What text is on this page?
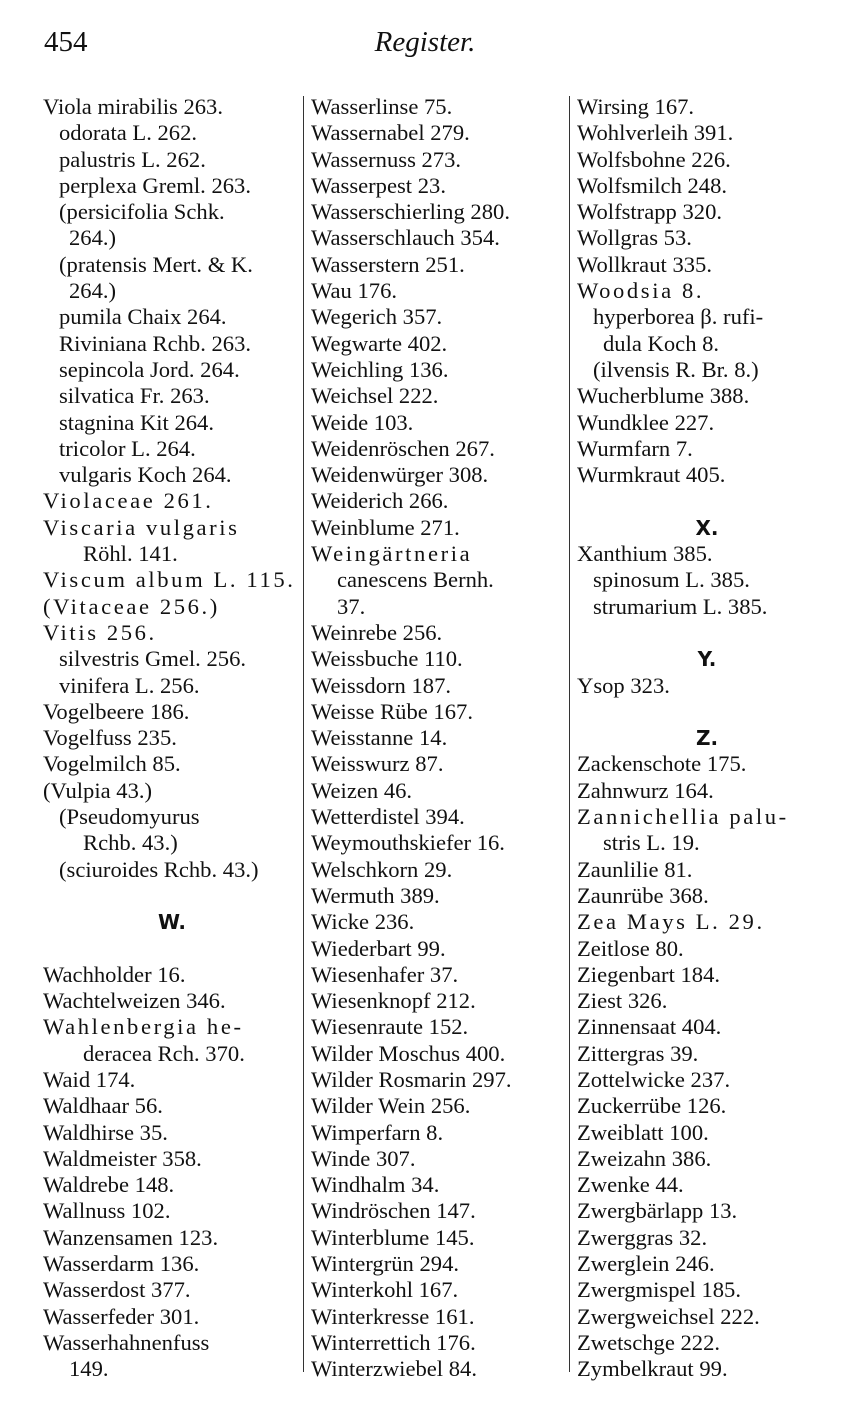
454	Register.
Viola mirabilis 263.
odorata L. 262.
palustris L. 262.
perplexa Greml. 263.
(persicifolia Schk.
264.)
(pratensis Mert. & K.
264.)
pumila Chaix 264.
Riviniana Rchb. 263.
sepincola Jord. 264.
silvatica Fr. 263.
stagnina Kit 264.
tricolor L. 264.
vulgaris Koch 264.
Violaceae 261.
Viscaria vulgaris
Röhl. 141.
Viscum album L. 115.
(Vitaceae 256.)
Vitis 256.
silvestris Gmel. 256.
vinifera L. 256.
Vogelbeere 186.
Vogelfuss 235.
Vogelmilch 85.
(Vulpia 43.)
(Pseudomyurus
Rchb. 43.)
(sciuroides Rchb. 43.)
W.
Wachholder 16.
Wachtelweizen 346.
Wahlenbergia he-
deracea Rch. 370.
Waid 174.
Waldhaar 56.
Waldhirse 35.
Waldmeister 358.
Waldrebe 148.
Wallnuss 102.
Wanzensamen 123.
Wasserdarm 136.
Wasserdost 377.
Wasserfeder 301.
Wasserhahnenfuss
149.
Wasserlinse 75.
Wassernabel 279.
Wassernuss 273.
Wasserpest 23.
Wasserschierling 280.
Wasserschlauch 354.
Wasserstern 251.
Wau 176.
Wegerich 357.
Wegwarte 402.
Weichling 136.
Weichsel 222.
Weide 103.
Weidenröschen 267.
Weidenwürger 308.
Weiderich 266.
Weinblume 271.
Weingärtneria
canescens Bernh.
37.
Weinrebe 256.
Weissbuche 110.
Weissdorn 187.
Weisse Rübe 167.
Weisstanne 14.
Weisswurz 87.
Weizen 46.
Wetterdistel 394.
Weymouthskiefer 16.
Welschkorn 29.
Wermuth 389.
Wicke 236.
Wiederbart 99.
Wiesenhafer 37.
Wiesenknopf 212.
Wiesenraute 152.
Wilder Moschus 400.
Wilder Rosmarin 297.
Wilder Wein 256.
Wimperfarn 8.
Winde 307.
Windhalm 34.
Windröschen 147.
Winterblume 145.
Wintergrün 294.
Winterkohl 167.
Winterkresse 161.
Winterrettich 176.
Winterzwiebel 84.
Wirsing 167.
Wohlverleih 391.
Wolfsbohne 226.
Wolfsmilch 248.
Wolfstrapp 320.
Wollgras 53.
Wollkraut 335.
Woodsia 8.
hyperborea β. rufi-
dula Koch 8.
(ilvensis R. Br. 8.)
Wucherblume 388.
Wundklee 227.
Wurmfarn 7.
Wurmkraut 405.
X.
Xanthium 385.
spinosum L. 385.
strumarium L. 385.
Y.
Ysop 323.
Z.
Zackenschote 175.
Zahnwurz 164.
Zannichellia palu-
stris L. 19.
Zaunlilie 81.
Zaunrübe 368.
Zea Mays L. 29.
Zeitlose 80.
Ziegenbart 184.
Ziest 326.
Zinnensaat 404.
Zittergras 39.
Zottelwicke 237.
Zuckerrübe 126.
Zweiblatt 100.
Zweizahn 386.
Zwenke 44.
Zwergbärlapp 13.
Zwerggras 32.
Zwerglein 246.
Zwergmispel 185.
Zwergweichsel 222.
Zwetschge 222.
Zymbelkraut 99.
